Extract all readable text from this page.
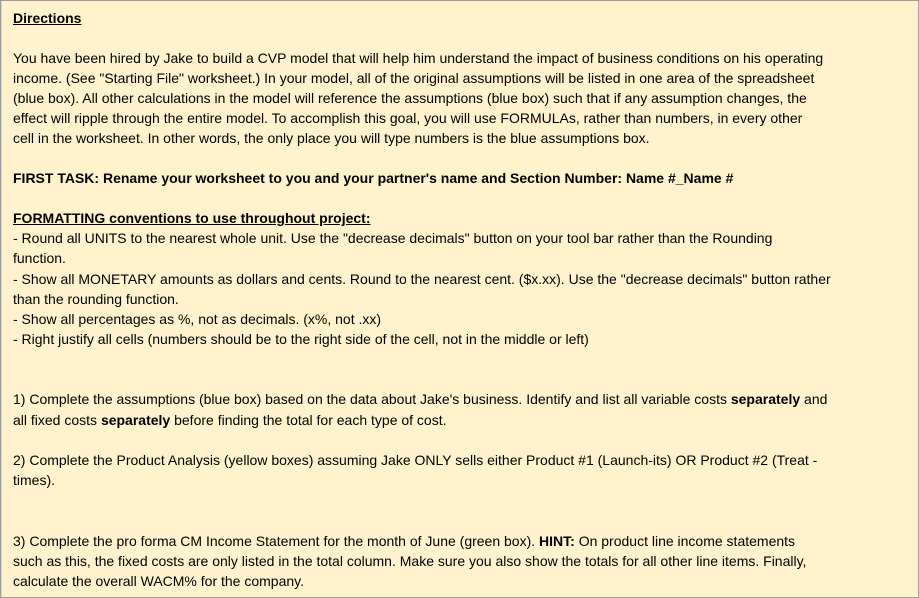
Directions
You have been hired by Jake to build a CVP model that will help him understand the impact of business conditions on his operating
income. (See "Starting File" worksheet.) In your model, all of the original assumptions will be listed in one area of the spreadsheet
(blue box). All other calculations in the model will reference the assumptions (blue box) such that if any assumption changes, the
effect will ripple through the entire model. To accomplish this goal, you will use FORMULAs, rather than numbers, in every other
cell in the worksheet. In other words, the only place you will type numbers is the blue assumptions box.
FIRST TASK: Rename your worksheet to you and your partner's name and Section Number: Name #_Name #
FORMATTING conventions to use throughout project:
- Round all UNITS to the nearest whole unit. Use the "decrease decimals" button on your tool bar rather than the Rounding
function.
- Show all MONETARY amounts as dollars and cents. Round to the nearest cent. ($x.xx). Use the "decrease decimals" button rather
than the rounding function.
- Show all percentages as %, not as decimals. (x%, not .xx)
- Right justify all cells (numbers should be to the right side of the cell, not in the middle or left)
1) Complete the assumptions (blue box) based on the data about Jake's business. Identify and list all variable costs separately and
all fixed costs separately before finding the total for each type of cost.
2) Complete the Product Analysis (yellow boxes) assuming Jake ONLY sells either Product #1 (Launch-its) OR Product #2 (Treat -
times).
3) Complete the pro forma CM Income Statement for the month of June (green box). HINT: On product line income statements
such as this, the fixed costs are only listed in the total column. Make sure you also show the totals for all other line items. Finally,
calculate the overall WACM% for the company.
